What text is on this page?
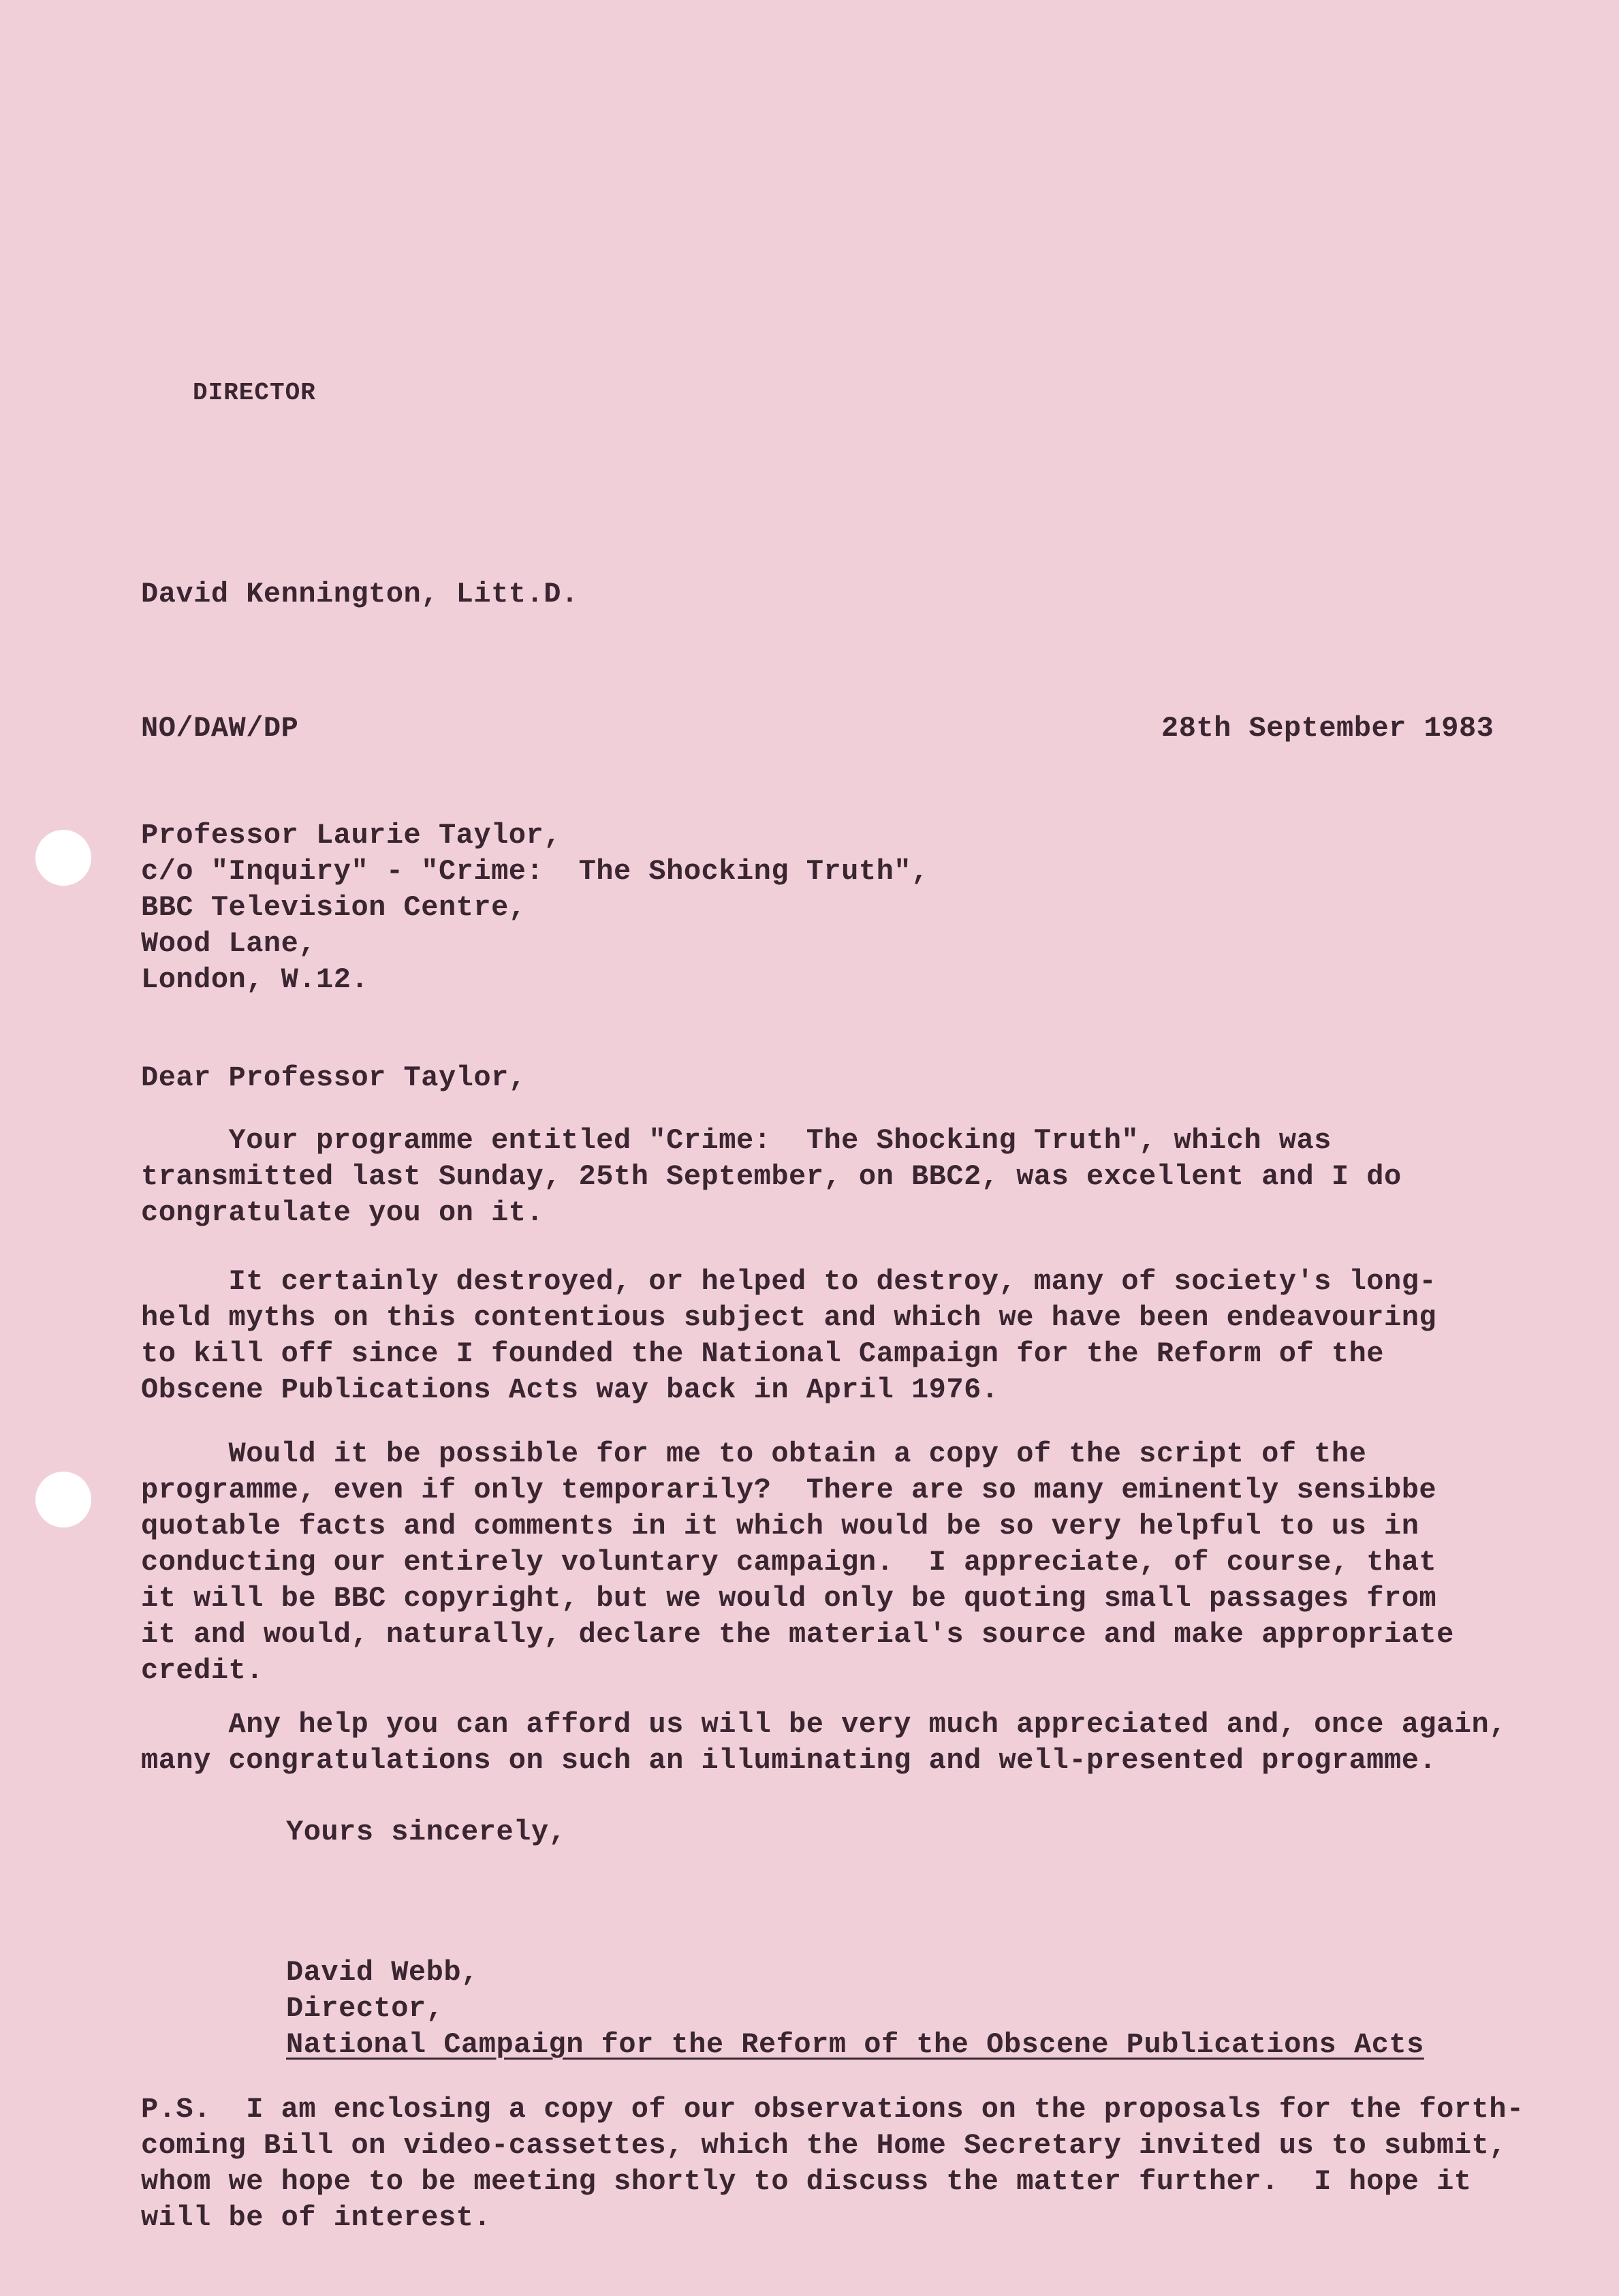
DIRECTOR
David Kennington, Litt.D.
NO/DAW/DP	28th September 1983
Professor Laurie Taylor,
c/o "Inquiry" - "Crime:  The Shocking Truth",
BBC Television Centre,
Wood Lane,
London, W.12.
Dear Professor Taylor,
Your programme entitled "Crime:  The Shocking Truth", which was
transmitted last Sunday, 25th September, on BBC2, was excellent and I do
congratulate you on it.
It certainly destroyed, or helped to destroy, many of society's long-
held myths on this contentious subject and which we have been endeavouring
to kill off since I founded the National Campaign for the Reform of the
Obscene Publications Acts way back in April 1976.
Would it be possible for me to obtain a copy of the script of the
programme, even if only temporarily?  There are so many eminently sensibbe
quotable facts and comments in it which would be so very helpful to us in
conducting our entirely voluntary campaign.  I appreciate, of course, that
it will be BBC copyright, but we would only be quoting small passages from
it and would, naturally, declare the material's source and make appropriate
credit.
Any help you can afford us will be very much appreciated and, once again,
many congratulations on such an illuminating and well-presented programme.
Yours sincerely,
David Webb,
Director,
National Campaign for the Reform of the Obscene Publications Acts
P.S.  I am enclosing a copy of our observations on the proposals for the forth-
coming Bill on video-cassettes, which the Home Secretary invited us to submit,
whom we hope to be meeting shortly to discuss the matter further.  I hope it
will be of interest.
